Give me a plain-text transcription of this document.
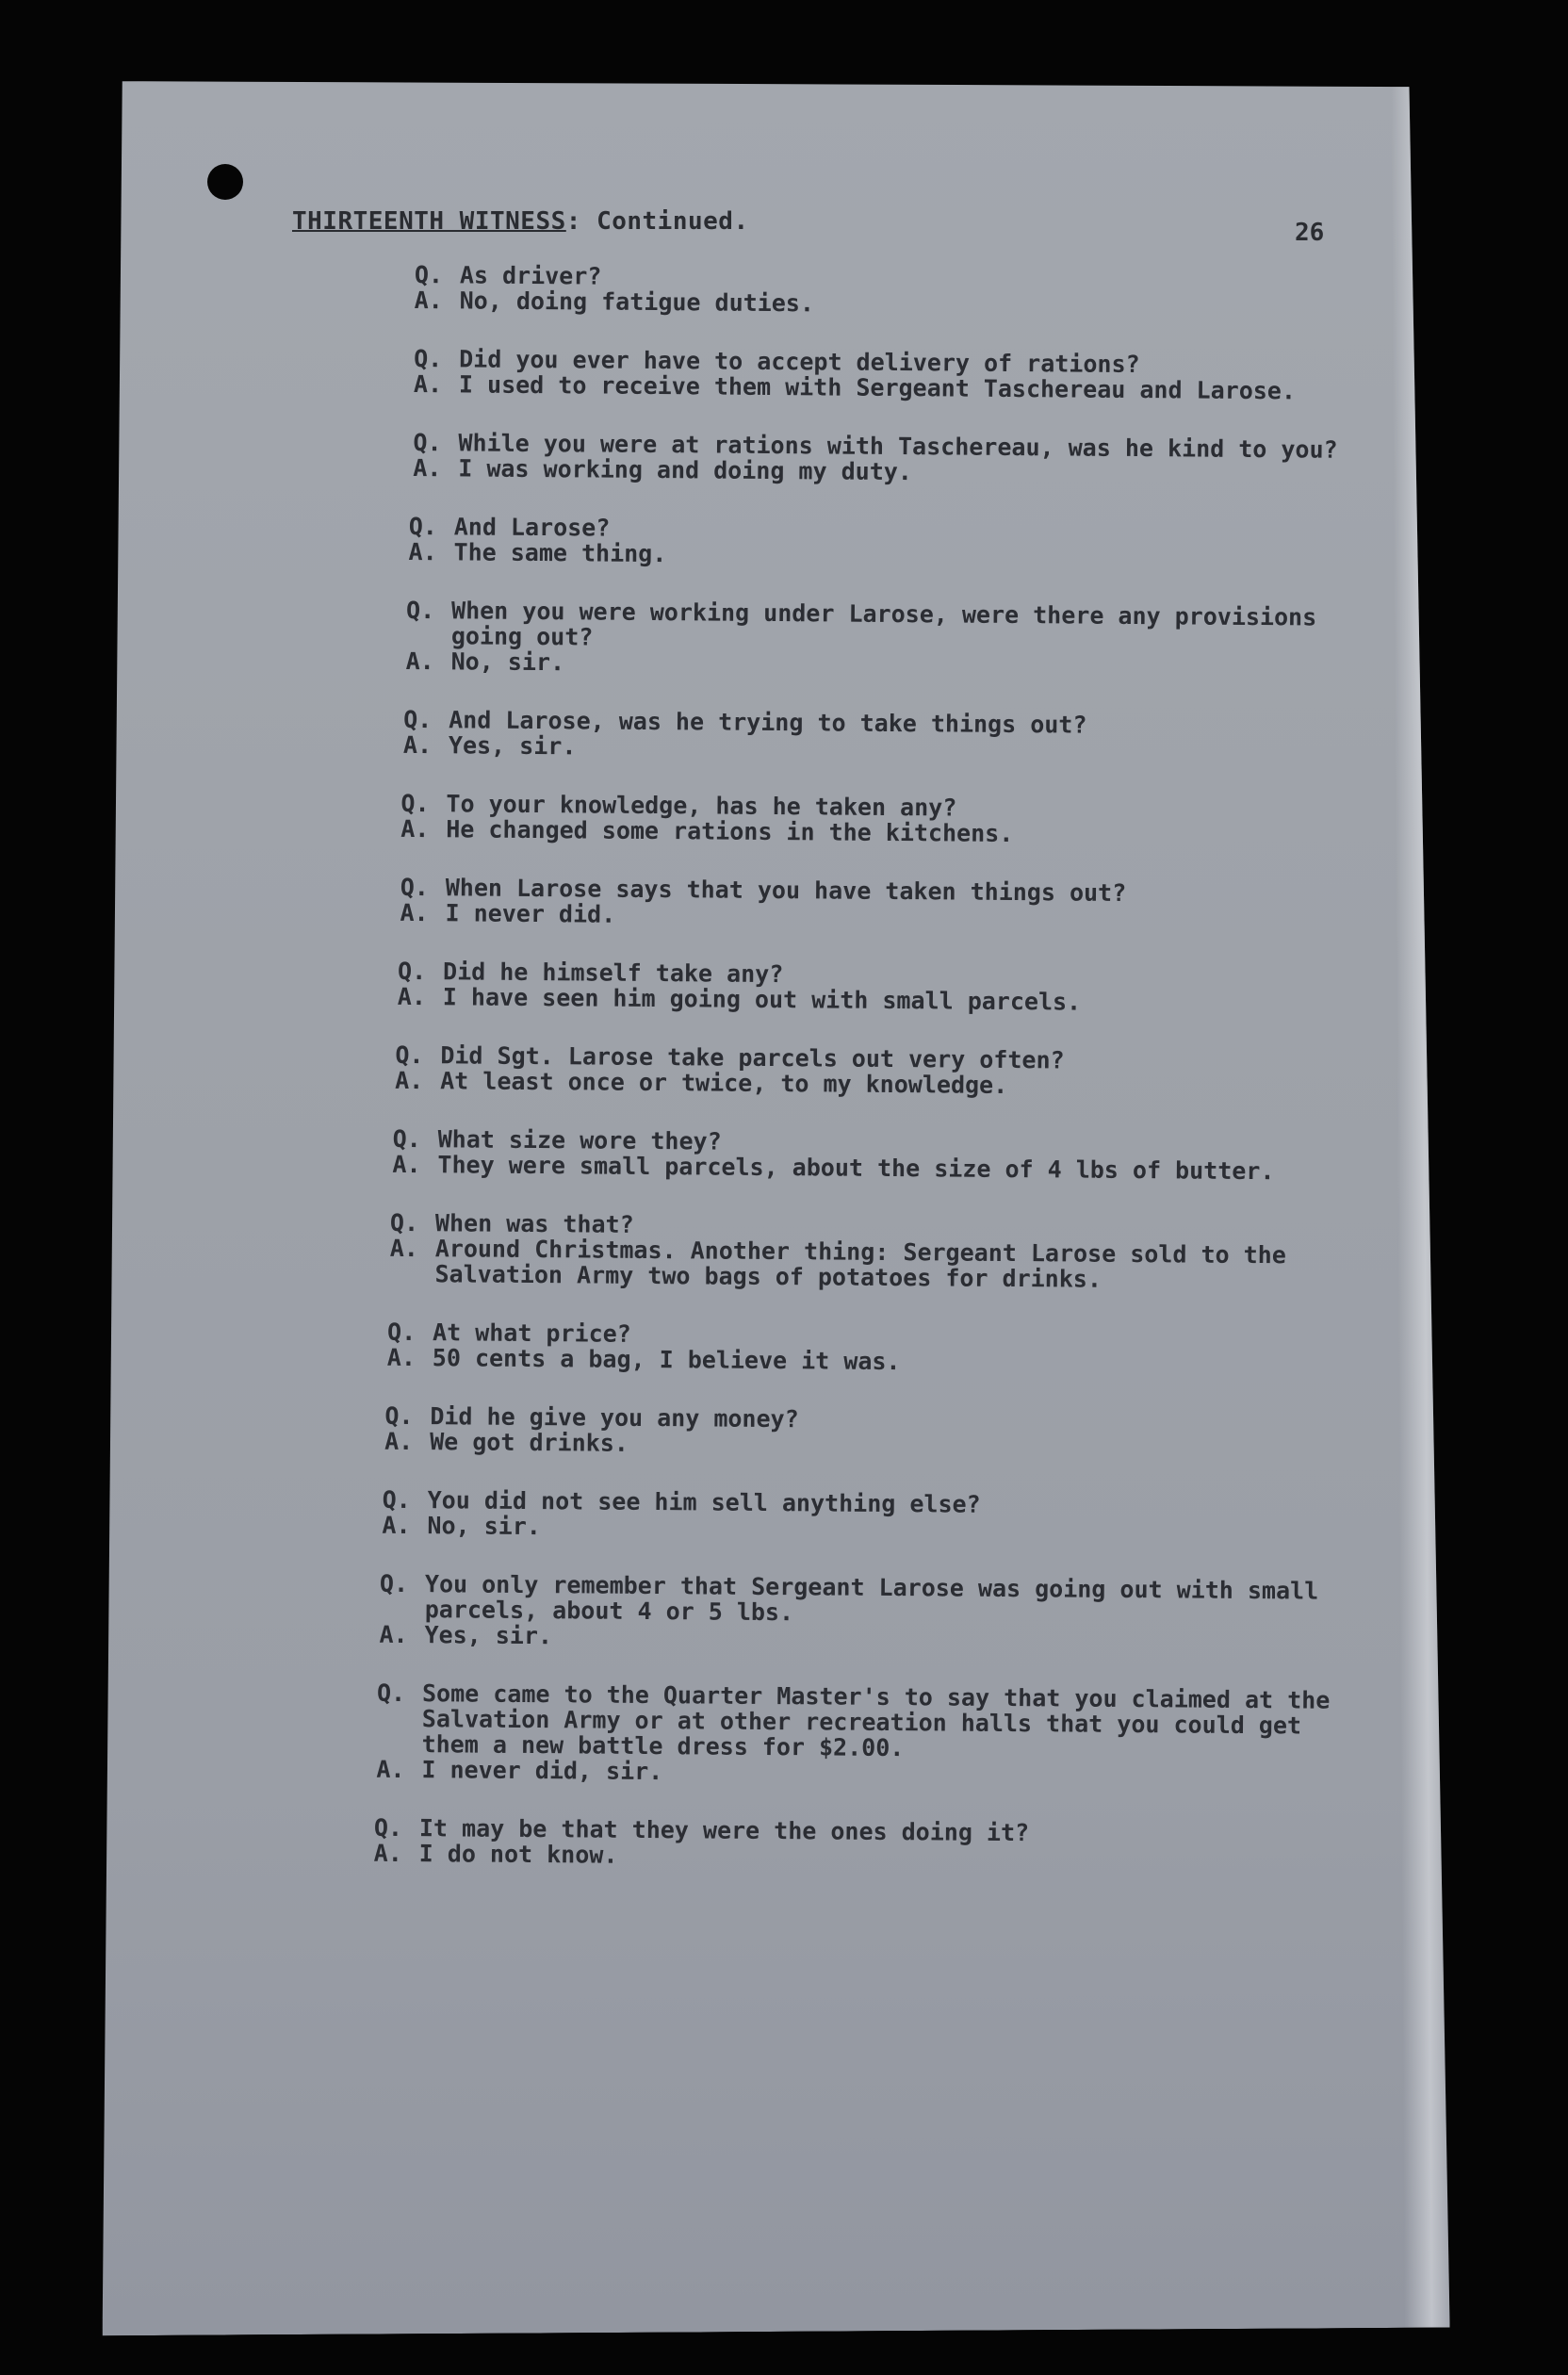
THIRTEENTH WITNESS: Continued.	26
Q. As driver?
A. No, doing fatigue duties.
Q. Did you ever have to accept delivery of rations?
A. I used to receive them with Sergeant Taschereau and Larose.
Q. While you were at rations with Taschereau, was he kind to you?
A. I was working and doing my duty.
Q. And Larose?
A. The same thing.
Q. When you were working under Larose, were there any provisions going out?
A. No, sir.
Q. And Larose, was he trying to take things out?
A. Yes, sir.
Q. To your knowledge, has he taken any?
A. He changed some rations in the kitchens.
Q. When Larose says that you have taken things out?
A. I never did.
Q. Did he himself take any?
A. I have seen him going out with small parcels.
Q. Did Sgt. Larose take parcels out very often?
A. At least once or twice, to my knowledge.
Q. What size wore they?
A. They were small parcels, about the size of 4 lbs of butter.
Q. When was that?
A. Around Christmas. Another thing: Sergeant Larose sold to the Salvation Army two bags of potatoes for drinks.
Q. At what price?
A. 50 cents a bag, I believe it was.
Q. Did he give you any money?
A. We got drinks.
Q. You did not see him sell anything else?
A. No, sir.
Q. You only remember that Sergeant Larose was going out with small parcels, about 4 or 5 lbs.
A. Yes, sir.
Q. Some came to the Quarter Master's to say that you claimed at the Salvation Army or at other recreation halls that you could get them a new battle dress for $2.00.
A. I never did, sir.
Q. It may be that they were the ones doing it?
A. I do not know.
